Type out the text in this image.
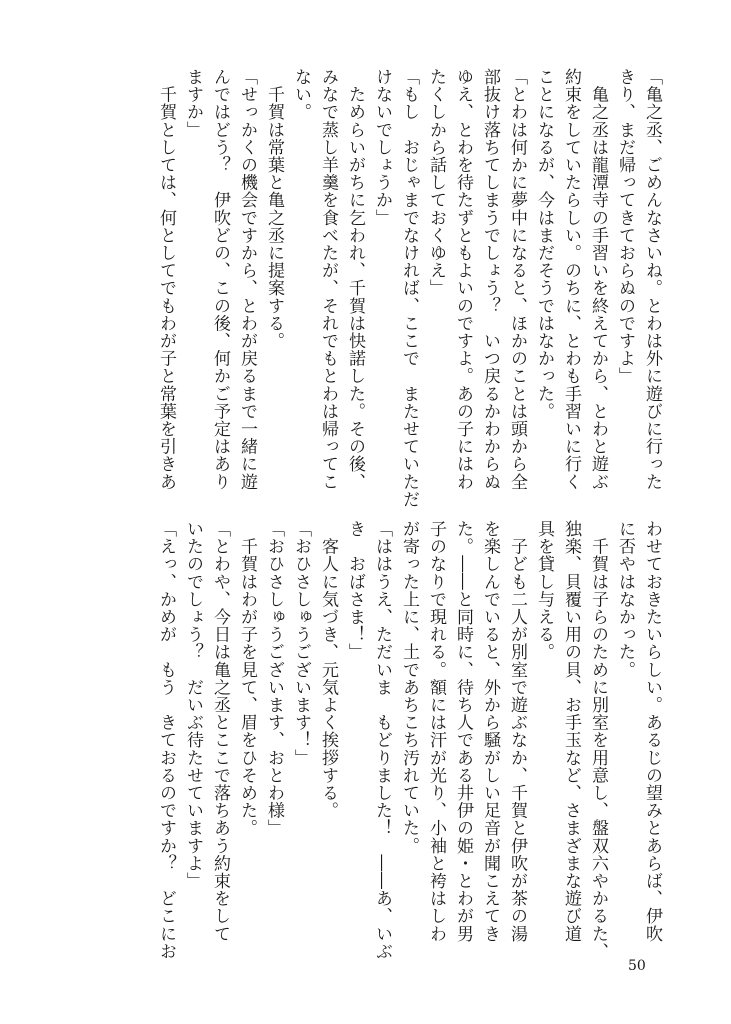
「亀之丞、ごめんなさいね。とわは外に遊びに行った
きり、まだ帰ってきておらぬのですよ」
　亀之丞は龍潭寺の手習いを終えてから、とわと遊ぶ
約束をしていたらしい。のちに、とわも手習いに行く
ことになるが、今はまだそうではなかった。
「とわは何かに夢中になると、ほかのことは頭から全
部抜け落ちてしまうでしょう？　いつ戻るかわからぬ
ゆえ、とわを待たずともよいのですよ。あの子にはわ
たくしから話しておくゆえ」
「もし　おじゃまでなければ、ここで　またせていただ
けないでしょうか」
　ためらいがちに乞われ、千賀は快諾した。その後、
みなで蒸し羊羹を食べたが、それでもとわは帰ってこ
ない。
　千賀は常葉と亀之丞に提案する。
「せっかくの機会ですから、とわが戻るまで一緒に遊
んではどう？　伊吹どの、この後、何かご予定はあり
ますか」
　千賀としては、何としてでもわが子と常葉を引きあ
わせておきたいらしい。あるじの望みとあらば、伊吹
に否やはなかった。
　千賀は子らのために別室を用意し、盤双六やかるた、
独楽、貝覆い用の貝、お手玉など、さまざまな遊び道
具を貸し与える。
　子ども二人が別室で遊ぶなか、千賀と伊吹が茶の湯
を楽しんでいると、外から騒がしい足音が聞こえてき
た。――と同時に、待ち人である井伊の姫・とわが男
子のなりで現れる。額には汗が光り、小袖と袴はしわ
が寄った上に、土であちこち汚れていた。
「ははうえ、ただいま　もどりました！　――あ、いぶ
き　おばさま！」
　客人に気づき、元気よく挨拶する。
「おひさしゅうございます！」
「おひさしゅうございます、おとわ様」
　千賀はわが子を見て、眉をひそめた。
「とわや、今日は亀之丞とここで落ちあう約束をして
いたのでしょう？　だいぶ待たせていますよ」
「えっ、かめが　もう　きておるのですか？　どこにお
50
